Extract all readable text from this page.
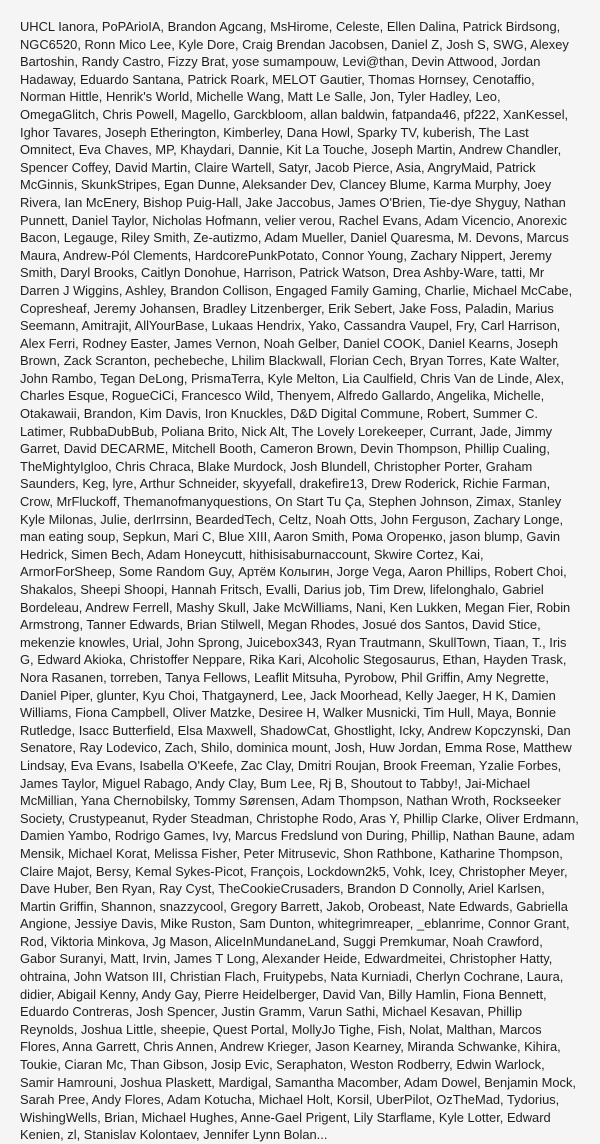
UHCL Ianora, PoPArioIA, Brandon Agcang, MsHirome, Celeste, Ellen Dalina, Patrick Birdsong, NGC6520, Ronn Mico Lee, Kyle Dore, Craig Brendan Jacobsen, Daniel Z, Josh S, SWG, Alexey Bartoshin, Randy Castro, Fizzy Brat, yose sumampouw, Levi@than, Devin Attwood, Jordan Hadaway, Eduardo Santana, Patrick Roark, MELOT Gautier, Thomas Hornsey, Cenotaffio, Norman Hittle, Henrik's World, Michelle Wang, Matt Le Salle, Jon, Tyler Hadley, Leo, OmegaGlitch, Chris Powell, Magello, Garckbloom, allan baldwin, fatpanda46, pf222, XanKessel, Ighor Tavares, Joseph Etherington, Kimberley, Dana Howl, Sparky TV, kuberish, The Last Omnitect, Eva Chaves, MP, Khaydari, Dannie, Kit La Touche, Joseph Martin, Andrew Chandler, Spencer Coffey, David Martin, Claire Wartell, Satyr, Jacob Pierce, Asia, AngryMaid, Patrick McGinnis, SkunkStripes, Egan Dunne, Aleksander Dev, Clancey Blume, Karma Murphy, Joey Rivera, Ian McEnery, Bishop Puig-Hall, Jake Jaccobus, James O'Brien, Tie-dye Shyguy, Nathan Punnett, Daniel Taylor, Nicholas Hofmann, velier verou, Rachel Evans, Adam Vicencio, Anorexic Bacon, Legauge, Riley Smith, Ze-autizmo, Adam Mueller, Daniel Quaresma, M. Devons, Marcus Maura, Andrew-Pól Clements, HardcorePunkPotato, Connor Young, Zachary Nippert, Jeremy Smith, Daryl Brooks, Caitlyn Donohue, Harrison, Patrick Watson, Drea Ashby-Ware, tatti, Mr Darren J Wiggins, Ashley, Brandon Collison, Engaged Family Gaming, Charlie, Michael McCabe, Copresheaf, Jeremy Johansen, Bradley Litzenberger, Erik Sebert, Jake Foss, Paladin, Marius Seemann, Amitrajit, AllYourBase, Lukaas Hendrix, Yako, Cassandra Vaupel, Fry, Carl Harrison, Alex Ferri, Rodney Easter, James Vernon, Noah Gelber, Daniel COOK, Daniel Kearns, Joseph Brown, Zack Scranton, pechebeche, Lhilim Blackwall, Florian Cech, Bryan Torres, Kate Walter, John Rambo, Tegan DeLong, PrismaTerra, Kyle Melton, Lia Caulfield, Chris Van de Linde, Alex, Charles Esque, RogueCiCi, Francesco Wild, Thenyem, Alfredo Gallardo, Angelika, Michelle, Otakawaii, Brandon, Kim Davis, Iron Knuckles, D&D Digital Commune, Robert, Summer C. Latimer, RubbaDubBub, Poliana Brito, Nick Alt, The Lovely Lorekeeper, Currant, Jade, Jimmy Garret, David DECARME, Mitchell Booth, Cameron Brown, Devin Thompson, Phillip Cualing, TheMightyIgloo, Chris Chraca, Blake Murdock, Josh Blundell, Christopher Porter, Graham Saunders, Keg, lyre, Arthur Schneider, skyyefall, drakefire13, Drew Roderick, Richie Farman, Crow, MrFluckoff, Themanofmanyquestions, On Start Tu Ça, Stephen Johnson, Zimax, Stanley Kyle Milonas, Julie, derIrrsinn, BeardedTech, Celtz, Noah Otts, John Ferguson, Zachary Longe, man eating soup, Sepkun, Mari C, Blue XIII, Aaron Smith, Рома Огоренко, jason blump, Gavin Hedrick, Simen Bech, Adam Honeycutt, hithisisaburnaccount, Skwire Cortez, Kai, ArmorForSheep, Some Random Guy, Артём Колыгин, Jorge Vega, Aaron Phillips, Robert Choi, Shakalos, Sheepi Shoopi, Hannah Fritsch, Evalli, Darius job, Tim Drew, lifelonghalo, Gabriel Bordeleau, Andrew Ferrell, Mashy Skull, Jake McWilliams, Nani, Ken Lukken, Megan Fier, Robin Armstrong, Tanner Edwards, Brian Stilwell, Megan Rhodes, Josué dos Santos, David Stice, mekenzie knowles, Urial, John Sprong, Juicebox343, Ryan Trautmann, SkullTown, Tiaan, T., Iris G, Edward Akioka, Christoffer Neppare, Rika Kari, Alcoholic Stegosaurus, Ethan, Hayden Trask, Nora Rasanen, torreben, Tanya Fellows, Leaflit Mitsuha, Pyrobow, Phil Griffin, Amy Negrette, Daniel Piper, glunter, Kyu Choi, Thatgaynerd, Lee, Jack Moorhead, Kelly Jaeger, H K, Damien Williams, Fiona Campbell, Oliver Matzke, Desiree H, Walker Musnicki, Tim Hull, Maya, Bonnie Rutledge, Isacc Butterfield, Elsa Maxwell, ShadowCat, Ghostlight, Icky, Andrew Kopczynski, Dan Senatore, Ray Lodevico, Zach, Shilo, dominica mount, Josh, Huw Jordan, Emma Rose, Matthew Lindsay, Eva Evans, Isabella O'Keefe, Zac Clay, Dmitri Roujan, Brook Freeman, Yzalie Forbes, James Taylor, Miguel Rabago, Andy Clay, Bum Lee, Rj B, Shoutout to Tabby!, Jai-Michael McMillian, Yana Chernobilsky, Tommy Sørensen, Adam Thompson, Nathan Wroth, Rockseeker Society, Crustypeanut, Ryder Steadman, Christophe Rodo, Aras Y, Phillip Clarke, Oliver Erdmann, Damien Yambo, Rodrigo Games, Ivy, Marcus Fredslund von During, Phillip, Nathan Baune, adam Mensik, Michael Korat, Melissa Fisher, Peter Mitrusevic, Shon Rathbone, Katharine Thompson, Claire Majot, Bersy, Kemal Sykes-Picot, François, Lockdown2k5, Vohk, Icey, Christopher Meyer, Dave Huber, Ben Ryan, Ray Cyst, TheCookieCrusaders, Brandon D Connolly, Ariel Karlsen, Martin Griffin, Shannon, snazzycool, Gregory Barrett, Jakob, Orobeast, Nate Edwards, Gabriella Angione, Jessiye Davis, Mike Ruston, Sam Dunton, whitegrimreaper, _eblanrime, Connor Grant, Rod, Viktoria Minkova, Jg Mason, AliceInMundaneLand, Suggi Premkumar, Noah Crawford, Gabor Suranyi, Matt, Irvin, James T Long, Alexander Heide, Edwardmeitei, Christopher Hatty, ohtraina, John Watson III, Christian Flach, Fruitypebs, Nata Kurniadi, Cherlyn Cochrane, Laura, didier, Abigail Kenny, Andy Gay, Pierre Heidelberger, David Van, Billy Hamlin, Fiona Bennett, Eduardo Contreras, Josh Spencer, Justin Gramm, Varun Sathi, Michael Kesavan, Phillip Reynolds, Joshua Little, sheepie, Quest Portal, MollyJo Tighe, Fish, Nolat, Malthan, Marcos Flores, Anna Garrett, Chris Annen, Andrew Krieger, Jason Kearney, Miranda Schwanke, Kihira, Toukie, Ciaran Mc, Than Gibson, Josip Evic, Seraphaton, Weston Rodberry, Edwin Warlock, Samir Hamrouni, Joshua Plaskett, Mardigal, Samantha Macomber, Adam Dowel, Benjamin Mock, Sarah Pree, Andy Flores, Adam Kotucha, Michael Holt, Korsil, UberPilot, OzTheMad, Tydorius, WishingWells, Brian, Michael Hughes, Anne-Gael Prigent, Lily Starflame, Kyle Lotter, Edward Kenien, zl, Stanislav Kolontaev, Jennifer Lynn Bolan...
